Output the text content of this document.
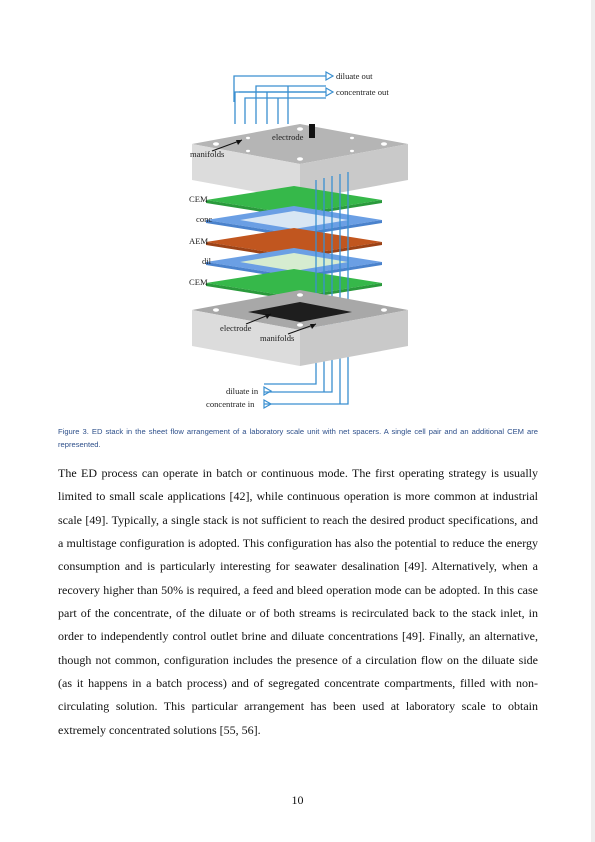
diluate out
concentrate out
electrode
manifolds
CEM
conc
AEM
dil
CEM
electrode
manifolds
diluate in
concentrate in
Figure 3. ED stack in the sheet flow arrangement of a laboratory scale unit with net spacers. A single cell pair and an additional CEM are represented.
The ED process can operate in batch or continuous mode. The first operating strategy is usually limited to small scale applications [42], while continuous operation is more common at industrial scale [49]. Typically, a single stack is not sufficient to reach the desired product specifications, and a multistage configuration is adopted. This configuration has also the potential to reduce the energy consumption and is particularly interesting for seawater desalination [49]. Alternatively, when a recovery higher than 50% is required, a feed and bleed operation mode can be adopted. In this case part of the concentrate, of the diluate or of both streams is recirculated back to the stack inlet, in order to independently control outlet brine and diluate concentrations [49]. Finally, an alternative, though not common, configuration includes the presence of a circulation flow on the diluate side (as it happens in a batch process) and of segregated concentrate compartments, filled with non-circulating solution. This particular arrangement has been used at laboratory scale to obtain extremely concentrated solutions [55, 56].
10
